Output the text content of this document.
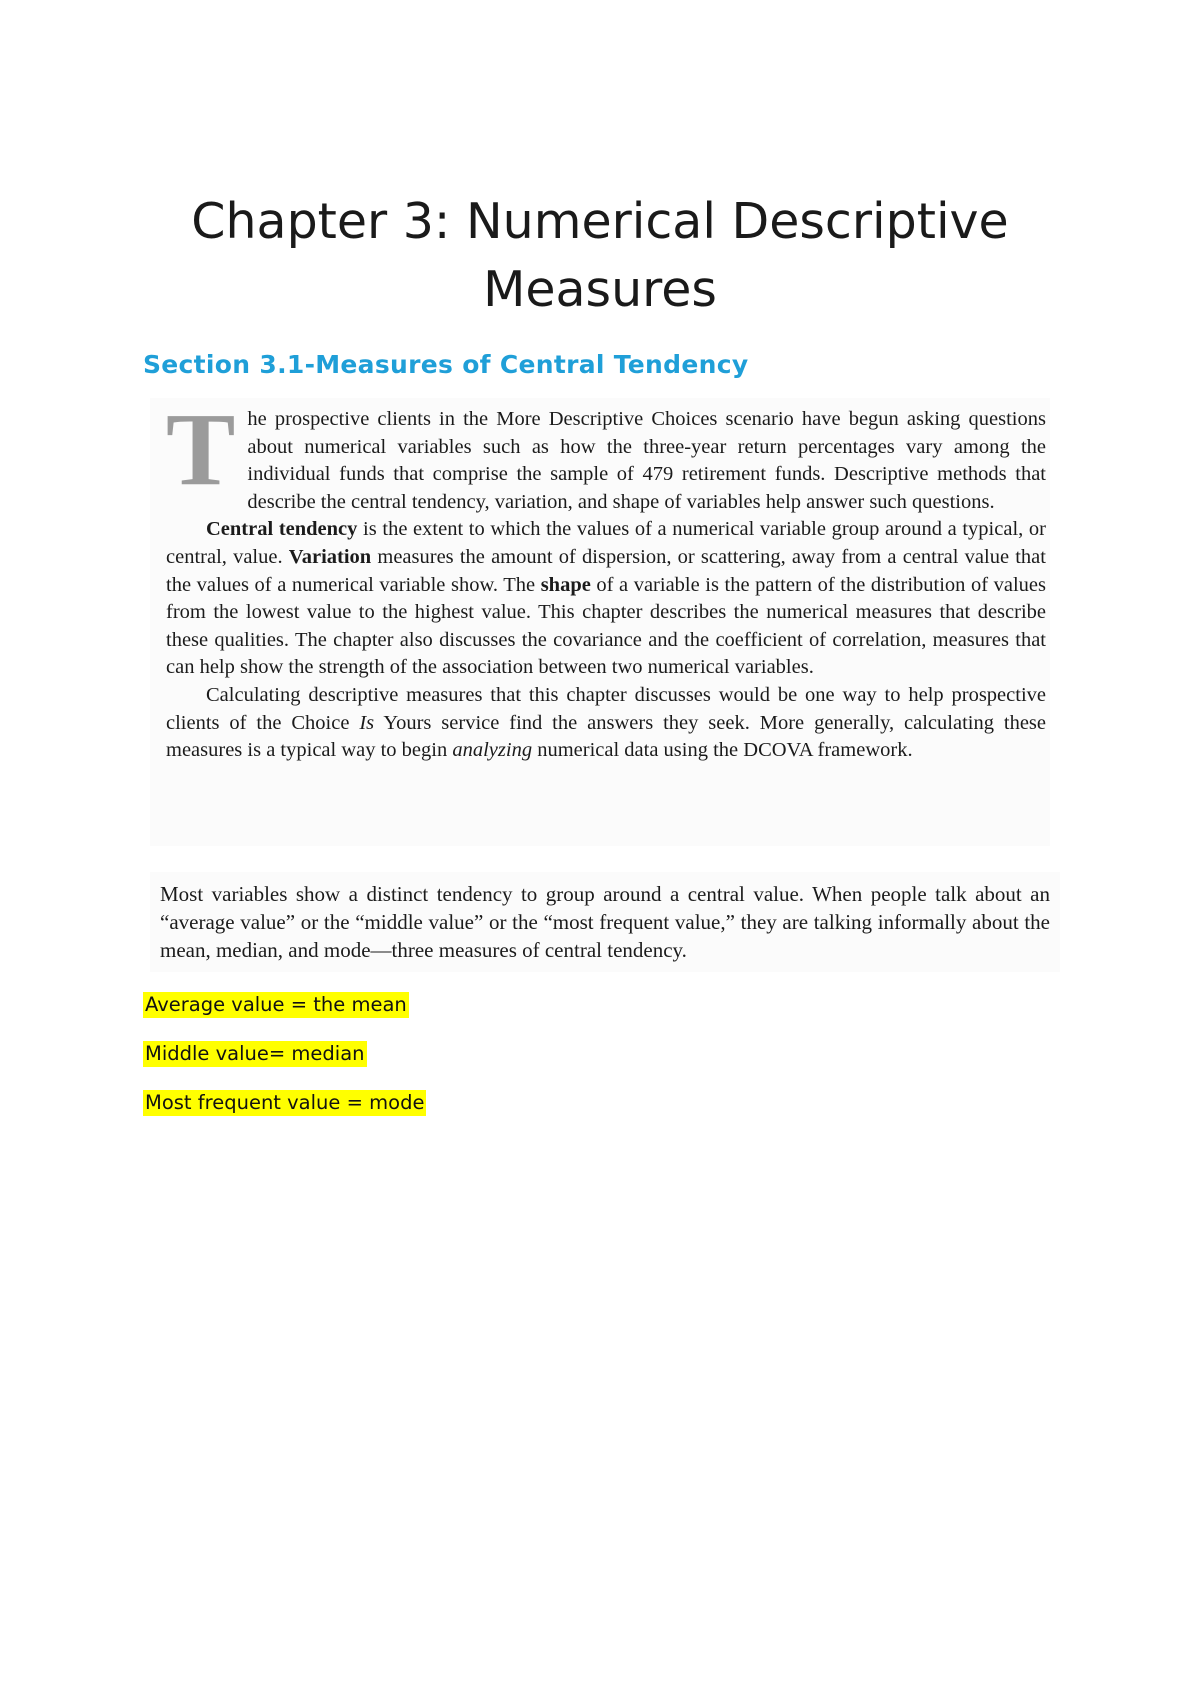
Chapter 3: Numerical Descriptive Measures
Section 3.1-Measures of Central Tendency
T he prospective clients in the More Descriptive Choices scenario have begun asking questions about numerical variables such as how the three-year return percentages vary among the individual funds that comprise the sample of 479 retirement funds. Descriptive methods that describe the central tendency, variation, and shape of variables help answer such questions.

Central tendency is the extent to which the values of a numerical variable group around a typical, or central, value. Variation measures the amount of dispersion, or scattering, away from a central value that the values of a numerical variable show. The shape of a variable is the pattern of the distribution of values from the lowest value to the highest value. This chapter describes the numerical measures that describe these qualities. The chapter also discusses the covariance and the coefficient of correlation, measures that can help show the strength of the association between two numerical variables.

Calculating descriptive measures that this chapter discusses would be one way to help prospective clients of the Choice Is Yours service find the answers they seek. More generally, calculating these measures is a typical way to begin analyzing numerical data using the DCOVA framework.

Most variables show a distinct tendency to group around a central value. When people talk about an “average value” or the “middle value” or the “most frequent value,” they are talking informally about the mean, median, and mode—three measures of central tendency.

Average value = the mean
Middle value= median
Most frequent value = mode
